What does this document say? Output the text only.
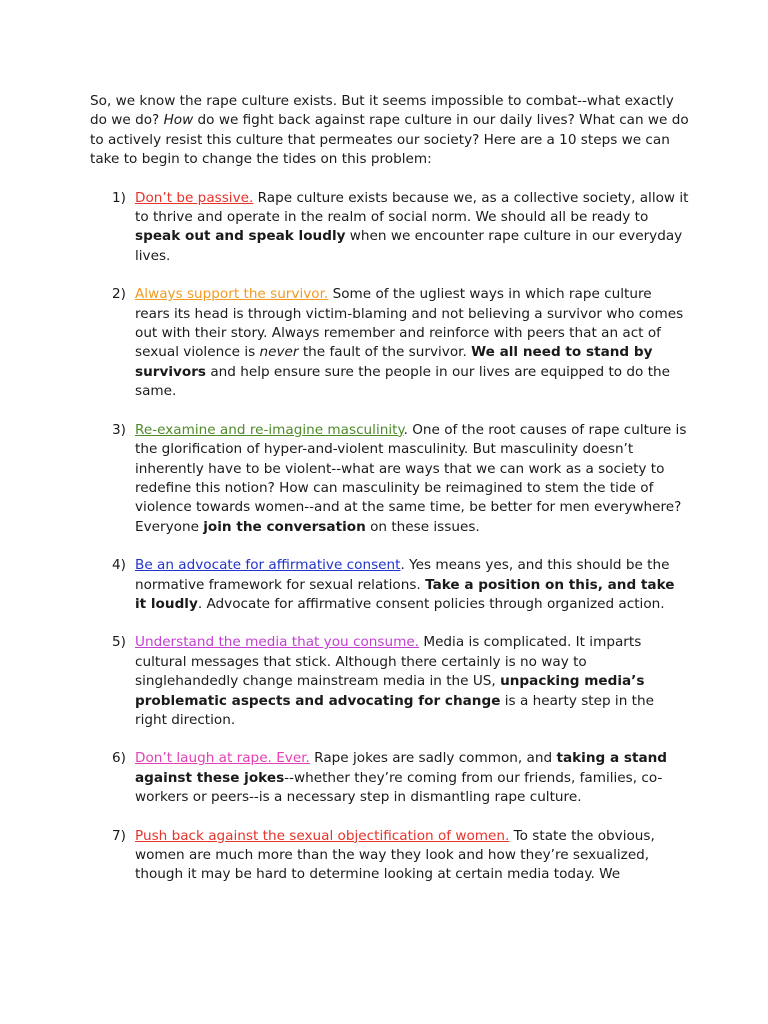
So, we know the rape culture exists. But it seems impossible to combat--what exactly do we do? How do we fight back against rape culture in our daily lives? What can we do to actively resist this culture that permeates our society? Here are a 10 steps we can take to begin to change the tides on this problem:

1) Don’t be passive. Rape culture exists because we, as a collective society, allow it to thrive and operate in the realm of social norm. We should all be ready to speak out and speak loudly when we encounter rape culture in our everyday lives.
2) Always support the survivor. Some of the ugliest ways in which rape culture rears its head is through victim-blaming and not believing a survivor who comes out with their story. Always remember and reinforce with peers that an act of sexual violence is never the fault of the survivor. We all need to stand by survivors and help ensure sure the people in our lives are equipped to do the same.
3) Re-examine and re-imagine masculinity. One of the root causes of rape culture is the glorification of hyper-and-violent masculinity. But masculinity doesn’t inherently have to be violent--what are ways that we can work as a society to redefine this notion? How can masculinity be reimagined to stem the tide of violence towards women--and at the same time, be better for men everywhere? Everyone join the conversation on these issues.
4) Be an advocate for affirmative consent. Yes means yes, and this should be the normative framework for sexual relations. Take a position on this, and take it loudly. Advocate for affirmative consent policies through organized action.
5) Understand the media that you consume. Media is complicated. It imparts cultural messages that stick. Although there certainly is no way to singlehandedly change mainstream media in the US, unpacking media’s problematic aspects and advocating for change is a hearty step in the right direction.
6) Don’t laugh at rape. Ever. Rape jokes are sadly common, and taking a stand against these jokes--whether they’re coming from our friends, families, co-workers or peers--is a necessary step in dismantling rape culture.
7) Push back against the sexual objectification of women. To state the obvious, women are much more than the way they look and how they’re sexualized, though it may be hard to determine looking at certain media today. We
